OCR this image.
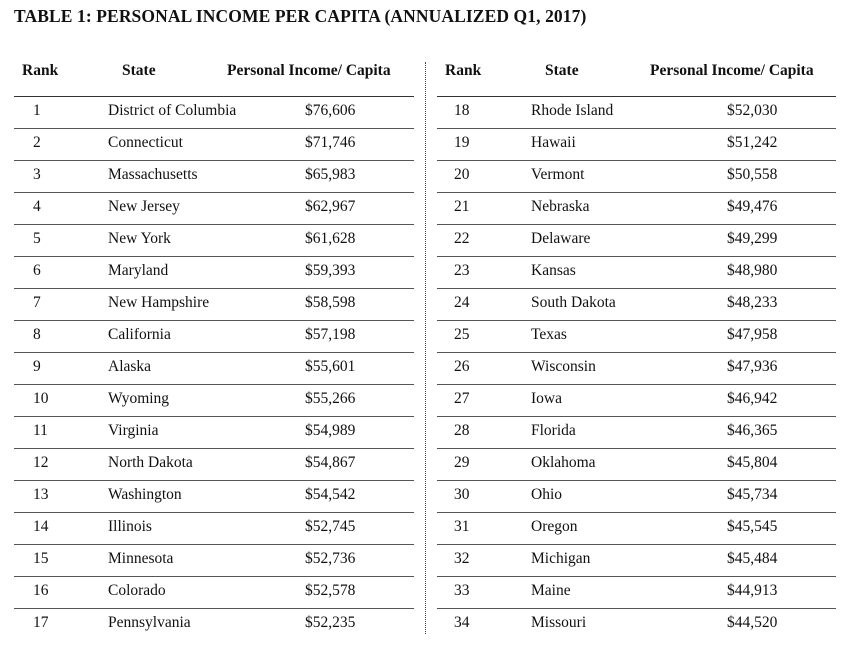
TABLE 1: PERSONAL INCOME PER CAPITA (ANNUALIZED Q1, 2017)
Rank	State	Personal Income/ Capita
1	District of Columbia	$76,606
2	Connecticut	$71,746
3	Massachusetts	$65,983
4	New Jersey	$62,967
5	New York	$61,628
6	Maryland	$59,393
7	New Hampshire	$58,598
8	California	$57,198
9	Alaska	$55,601
10	Wyoming	$55,266
11	Virginia	$54,989
12	North Dakota	$54,867
13	Washington	$54,542
14	Illinois	$52,745
15	Minnesota	$52,736
16	Colorado	$52,578
17	Pennsylvania	$52,235
Rank	State	Personal Income/ Capita
18	Rhode Island	$52,030
19	Hawaii	$51,242
20	Vermont	$50,558
21	Nebraska	$49,476
22	Delaware	$49,299
23	Kansas	$48,980
24	South Dakota	$48,233
25	Texas	$47,958
26	Wisconsin	$47,936
27	Iowa	$46,942
28	Florida	$46,365
29	Oklahoma	$45,804
30	Ohio	$45,734
31	Oregon	$45,545
32	Michigan	$45,484
33	Maine	$44,913
34	Missouri	$44,520
